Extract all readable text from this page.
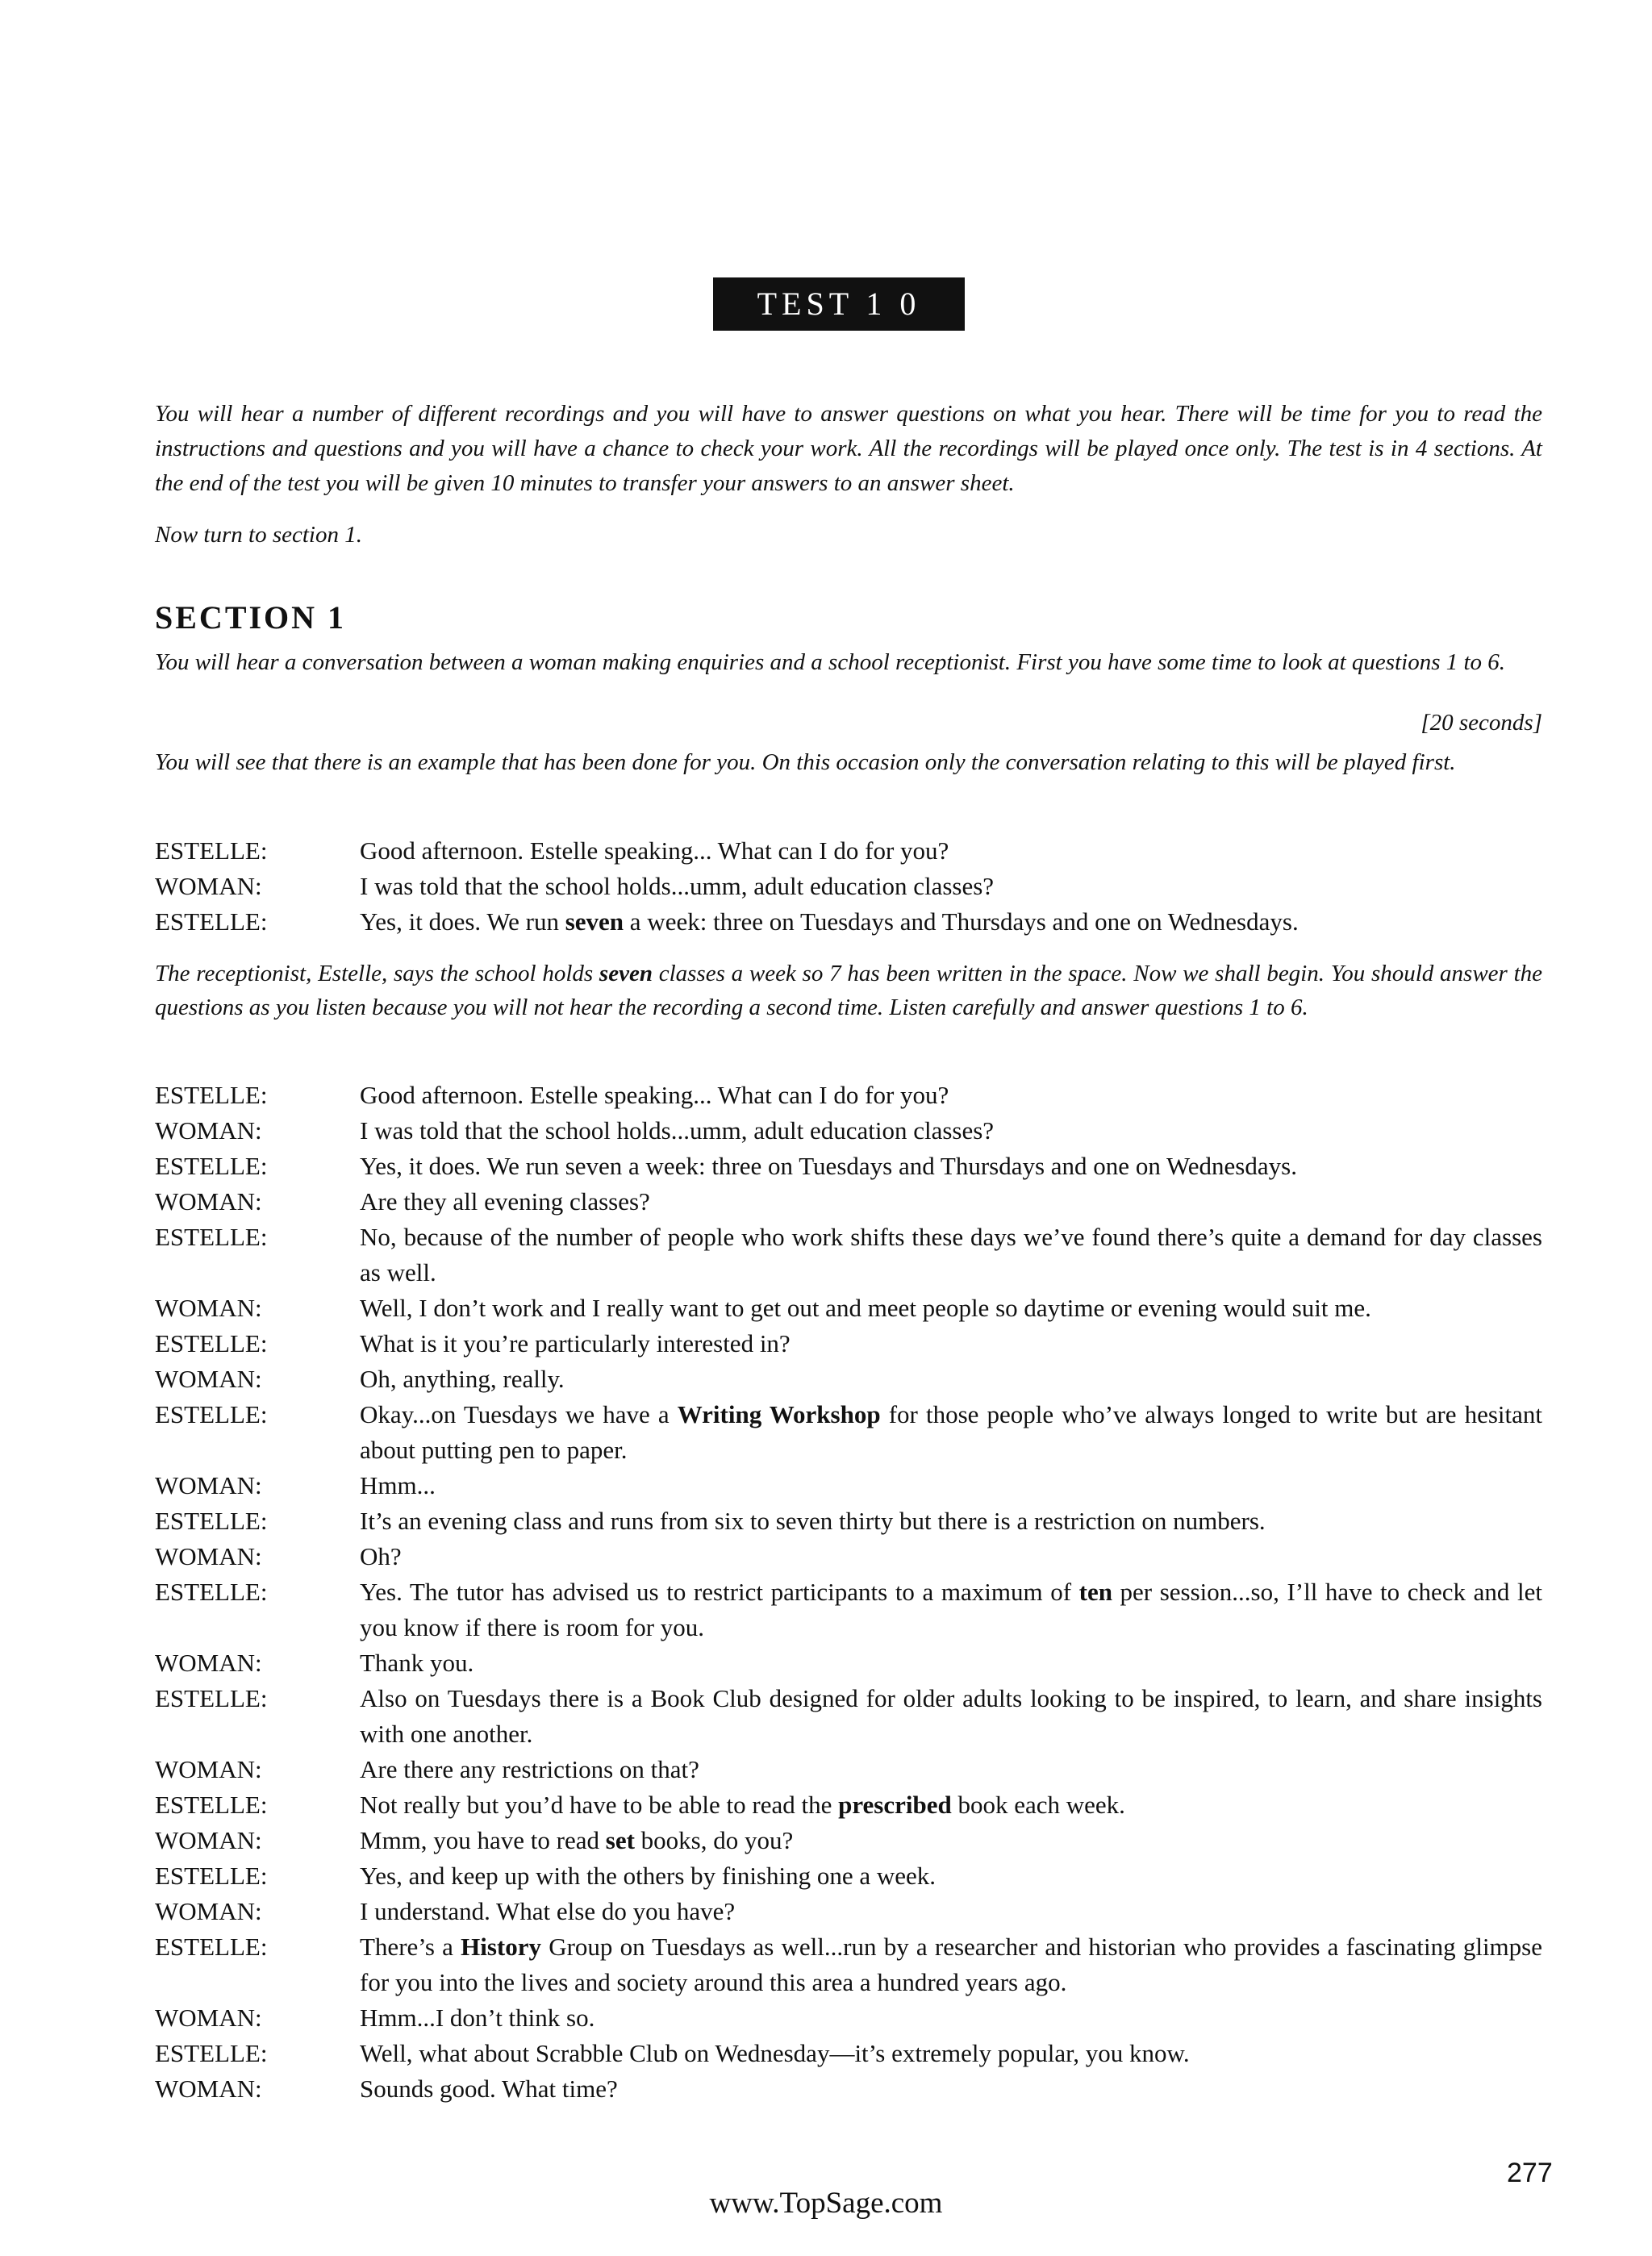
TEST 1 0

You will hear a number of different recordings and you will have to answer questions on what you hear. There will be time for you to read the instructions and questions and you will have a chance to check your work. All the recordings will be played once only. The test is in 4 sections. At the end of the test you will be given 10 minutes to transfer your answers to an answer sheet.

Now turn to section 1.
SECTION 1
You will hear a conversation between a woman making enquiries and a school receptionist. First you have some time to look at questions 1 to 6.
[20 seconds]
You will see that there is an example that has been done for you. On this occasion only the conversation relating to this will be played first.
ESTELLE:	Good afternoon. Estelle speaking... What can I do for you?
WOMAN:	I was told that the school holds...umm, adult education classes?
ESTELLE:	Yes, it does. We run seven a week: three on Tuesdays and Thursdays and one on Wednesdays.
The receptionist, Estelle, says the school holds seven classes a week so 7 has been written in the space. Now we shall begin. You should answer the questions as you listen because you will not hear the recording a second time. Listen carefully and answer questions 1 to 6.
ESTELLE:	Good afternoon. Estelle speaking... What can I do for you?
WOMAN:	I was told that the school holds...umm, adult education classes?
ESTELLE:	Yes, it does. We run seven a week: three on Tuesdays and Thursdays and one on Wednesdays.
WOMAN:	Are they all evening classes?
ESTELLE:	No, because of the number of people who work shifts these days we’ve found there’s quite a demand for day classes as well.
WOMAN:	Well, I don’t work and I really want to get out and meet people so daytime or evening would suit me.
ESTELLE:	What is it you’re particularly interested in?
WOMAN:	Oh, anything, really.
ESTELLE:	Okay...on Tuesdays we have a Writing Workshop for those people who’ve always longed to write but are hesitant about putting pen to paper.
WOMAN:	Hmm...
ESTELLE:	It’s an evening class and runs from six to seven thirty but there is a restriction on numbers.
WOMAN:	Oh?
ESTELLE:	Yes. The tutor has advised us to restrict participants to a maximum of ten per session...so, I’ll have to check and let you know if there is room for you.
WOMAN:	Thank you.
ESTELLE:	Also on Tuesdays there is a Book Club designed for older adults looking to be inspired, to learn, and share insights with one another.
WOMAN:	Are there any restrictions on that?
ESTELLE:	Not really but you’d have to be able to read the prescribed book each week.
WOMAN:	Mmm, you have to read set books, do you?
ESTELLE:	Yes, and keep up with the others by finishing one a week.
WOMAN:	I understand. What else do you have?
ESTELLE:	There’s a History Group on Tuesdays as well...run by a researcher and historian who provides a fascinating glimpse for you into the lives and society around this area a hundred years ago.
WOMAN:	Hmm...I don’t think so.
ESTELLE:	Well, what about Scrabble Club on Wednesday—it’s extremely popular, you know.
WOMAN:	Sounds good. What time?
277
www.TopSage.com
